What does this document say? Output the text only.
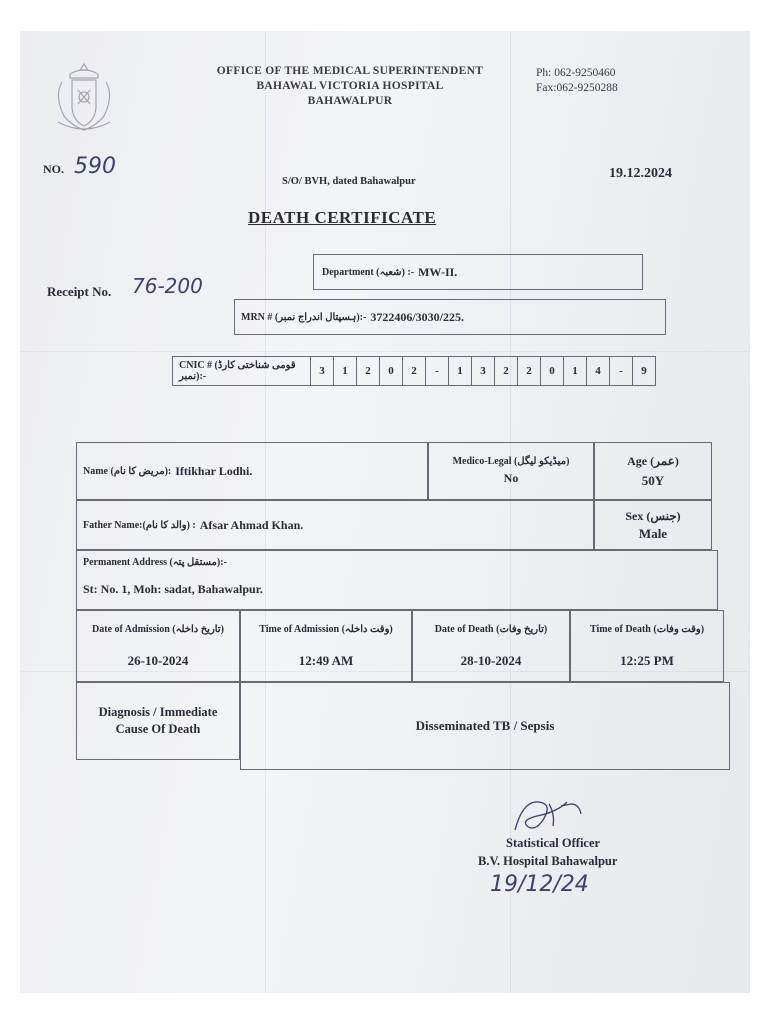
OFFICE OF THE MEDICAL SUPERINTENDENT
BAHAWAL VICTORIA HOSPITAL
BAHAWALPUR
Ph: 062-9250460
Fax:062-9250288
NO. 590
S/O/ BVH, dated Bahawalpur
19.12.2024
DEATH CERTIFICATE
Receipt No. 76-200
Department (شعبہ) :- MW-II.
MRN # (ہسپتال اندراج نمبر):- 3722406/3030/225.
CNIC # (قومی شناختی کارڈ نمبر):-	3	1	2	0	2	-	1	3	2	2	0	1	4	-	9
Name (مریض کا نام): Iftikhar Lodhi.
Medico-Legal (میڈیکو لیگل)
No
Age (عمر)
50Y
Father Name:(والد کا نام) : Afsar Ahmad Khan.
Sex (جنس)
Male
Permanent Address (مستقل پتہ):-
St: No. 1, Moh: sadat, Bahawalpur.
Date of Admission (تاریخ داخلہ)
26-10-2024
Time of Admission (وقت داخلہ)
12:49 AM
Date of Death (تاریخ وفات)
28-10-2024
Time of Death (وقت وفات)
12:25 PM
Diagnosis / Immediate Cause Of Death	Disseminated TB / Sepsis
Statistical Officer
B.V. Hospital Bahawalpur
19/12/24
